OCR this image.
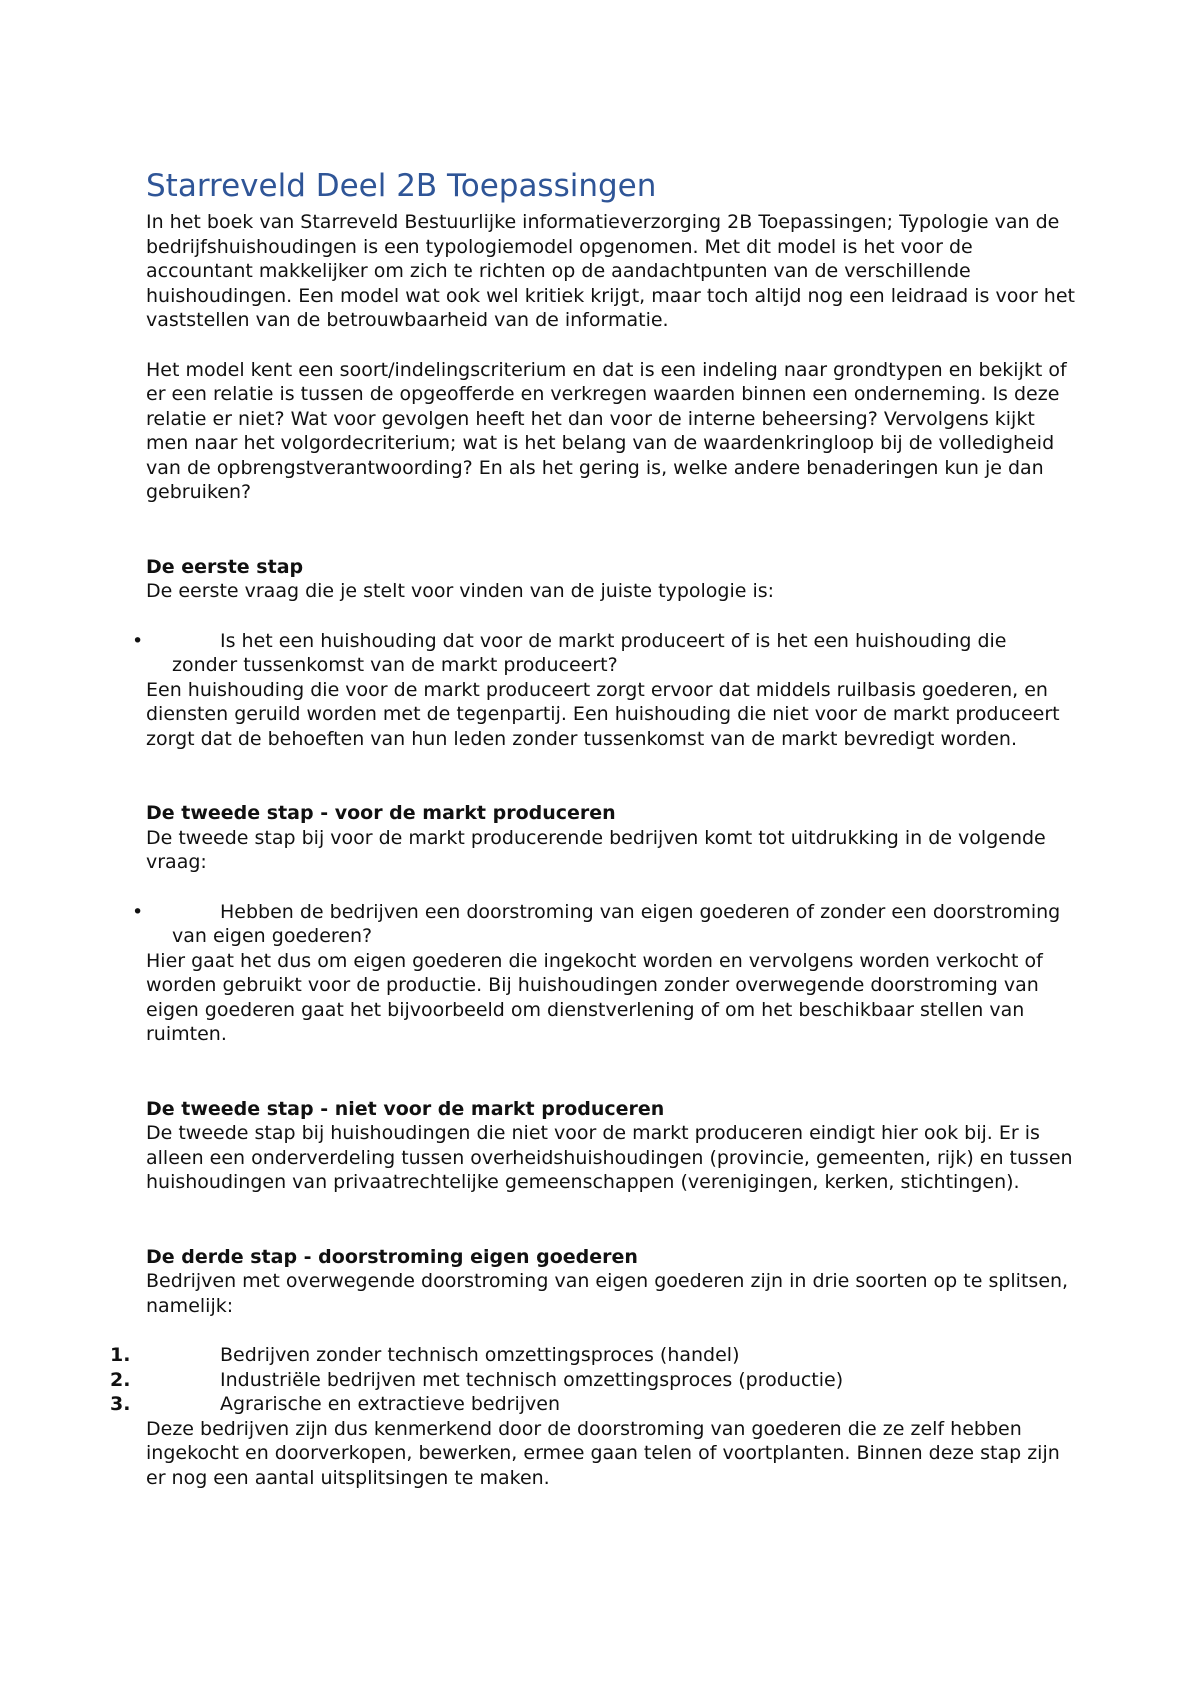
Starreveld Deel 2B Toepassingen

In het boek van Starreveld Bestuurlijke informatieverzorging 2B Toepassingen; Typologie van de bedrijfshuishoudingen is een typologiemodel opgenomen. Met dit model is het voor de accountant makkelijker om zich te richten op de aandachtpunten van de verschillende huishoudingen. Een model wat ook wel kritiek krijgt, maar toch altijd nog een leidraad is voor het vaststellen van de betrouwbaarheid van de informatie.

Het model kent een soort/indelingscriterium en dat is een indeling naar grondtypen en bekijkt of er een relatie is tussen de opgeofferde en verkregen waarden binnen een onderneming. Is deze relatie er niet? Wat voor gevolgen heeft het dan voor de interne beheersing? Vervolgens kijkt men naar het volgordecriterium; wat is het belang van de waardenkringloop bij de volledigheid van de opbrengstverantwoording? En als het gering is, welke andere benaderingen kun je dan gebruiken?

De eerste stap

De eerste vraag die je stelt voor vinden van de juiste typologie is:

•	Is het een huishouding dat voor de markt produceert of is het een huishouding die zonder tussenkomst van de markt produceert?

Een huishouding die voor de markt produceert zorgt ervoor dat middels ruilbasis goederen, en diensten geruild worden met de tegenpartij. Een huishouding die niet voor de markt produceert zorgt dat de behoeften van hun leden zonder tussenkomst van de markt bevredigt worden.

De tweede stap - voor de markt produceren

De tweede stap bij voor de markt producerende bedrijven komt tot uitdrukking in de volgende vraag:

•	Hebben de bedrijven een doorstroming van eigen goederen of zonder een doorstroming van eigen goederen?

Hier gaat het dus om eigen goederen die ingekocht worden en vervolgens worden verkocht of worden gebruikt voor de productie. Bij huishoudingen zonder overwegende doorstroming van eigen goederen gaat het bijvoorbeeld om dienstverlening of om het beschikbaar stellen van ruimten.

De tweede stap - niet voor de markt produceren

De tweede stap bij huishoudingen die niet voor de markt produceren eindigt hier ook bij. Er is alleen een onderverdeling tussen overheidshuishoudingen (provincie, gemeenten, rijk) en tussen huishoudingen van privaatrechtelijke gemeenschappen (verenigingen, kerken, stichtingen).

De derde stap - doorstroming eigen goederen

Bedrijven met overwegende doorstroming van eigen goederen zijn in drie soorten op te splitsen, namelijk:

1.	Bedrijven zonder technisch omzettingsproces (handel)
2.	Industriële bedrijven met technisch omzettingsproces (productie)
3.	Agrarische en extractieve bedrijven

Deze bedrijven zijn dus kenmerkend door de doorstroming van goederen die ze zelf hebben ingekocht en doorverkopen, bewerken, ermee gaan telen of voortplanten. Binnen deze stap zijn er nog een aantal uitsplitsingen te maken.
